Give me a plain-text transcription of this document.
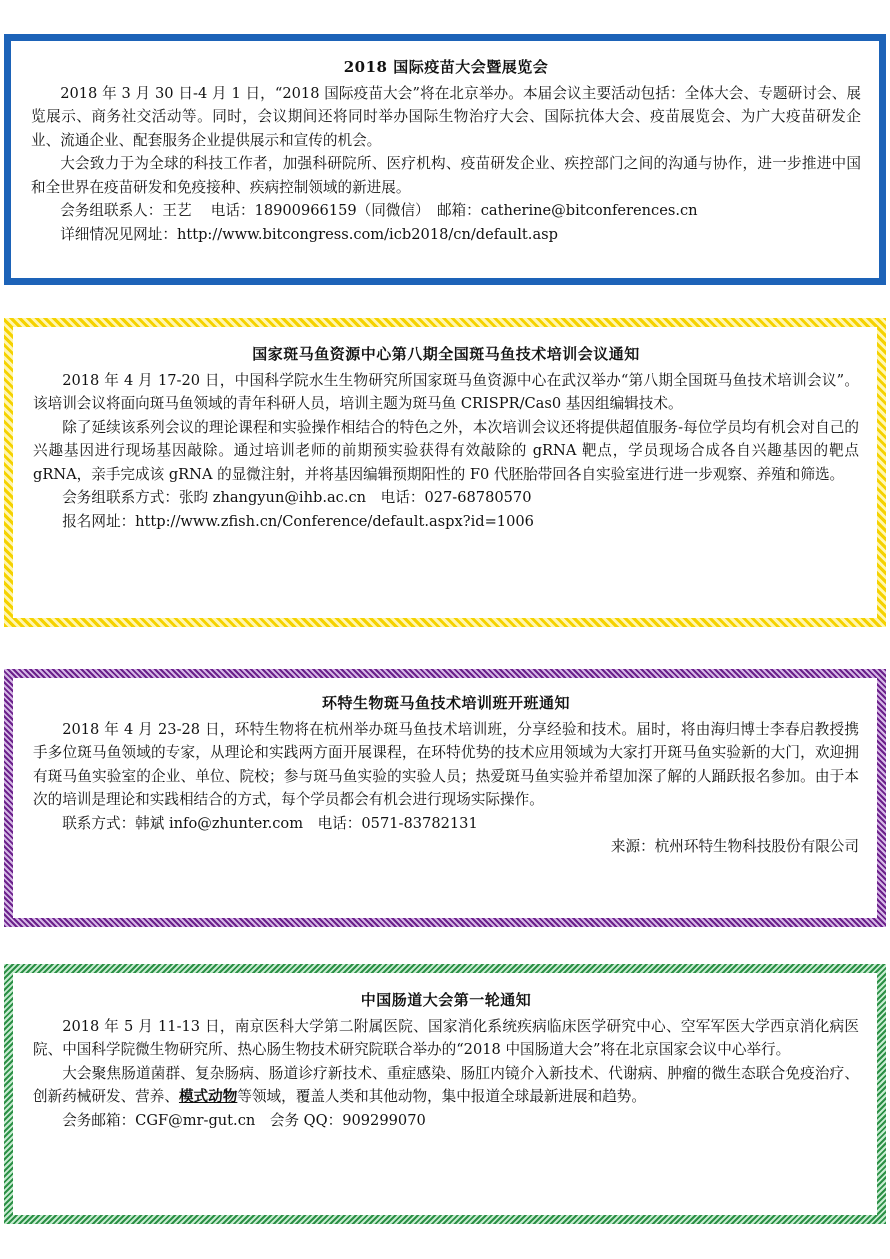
2018 国际疫苗大会暨展览会

2018 年 3 月 30 日-4 月 1 日，“2018 国际疫苗大会”将在北京举办。本届会议主要活动包括：全体大会、专题研讨会、展览展示、商务社交活动等。同时，会议期间还将同时举办国际生物治疗大会、国际抗体大会、疫苗展览会、为广大疫苗研发企业、流通企业、配套服务企业提供展示和宣传的机会。

大会致力于为全球的科技工作者，加强科研院所、医疗机构、疫苗研发企业、疾控部门之间的沟通与协作，进一步推进中国和全世界在疫苗研发和免疫接种、疾病控制领域的新进展。

会务组联系人：王艺　 电话：18900966159（同微信）　邮箱：catherine@bitconferences.cn

详细情况见网址：http://www.bitcongress.com/icb2018/cn/default.asp

国家斑马鱼资源中心第八期全国斑马鱼技术培训会议通知

2018 年 4 月 17-20 日，中国科学院水生生物研究所国家斑马鱼资源中心在武汉举办“第八期全国斑马鱼技术培训会议”。该培训会议将面向斑马鱼领域的青年科研人员，培训主题为斑马鱼 CRISPR/Cas0 基因组编辑技术。

除了延续该系列会议的理论课程和实验操作相结合的特色之外，本次培训会议还将提供超值服务-每位学员均有机会对自己的兴趣基因进行现场基因敲除。通过培训老师的前期预实验获得有效敲除的 gRNA 靶点，学员现场合成各自兴趣基因的靶点 gRNA，亲手完成该 gRNA 的显微注射，并将基因编辑预期阳性的 F0 代胚胎带回各自实验室进行进一步观察、养殖和筛选。

会务组联系方式：张昀 zhangyun@ihb.ac.cn　电话：027-68780570

报名网址：http://www.zfish.cn/Conference/default.aspx?id=1006

环特生物斑马鱼技术培训班开班通知

2018 年 4 月 23-28 日，环特生物将在杭州举办斑马鱼技术培训班，分享经验和技术。届时，将由海归博士李春启教授携手多位斑马鱼领域的专家，从理论和实践两方面开展课程，在环特优势的技术应用领域为大家打开斑马鱼实验新的大门，欢迎拥有斑马鱼实验室的企业、单位、院校；参与斑马鱼实验的实验人员；热爱斑马鱼实验并希望加深了解的人踊跃报名参加。由于本次的培训是理论和实践相结合的方式，每个学员都会有机会进行现场实际操作。

联系方式：韩斌 info@zhunter.com　电话：0571-83782131

来源：杭州环特生物科技股份有限公司

中国肠道大会第一轮通知

2018 年 5 月 11-13 日，南京医科大学第二附属医院、国家消化系统疾病临床医学研究中心、空军军医大学西京消化病医院、中国科学院微生物研究所、热心肠生物技术研究院联合举办的“2018 中国肠道大会”将在北京国家会议中心举行。

大会聚焦肠道菌群、复杂肠病、肠道诊疗新技术、重症感染、肠肛内镜介入新技术、代谢病、肿瘤的微生态联合免疫治疗、创新药械研发、营养、模式动物等领域，覆盖人类和其他动物，集中报道全球最新进展和趋势。

会务邮箱：CGF@mr-gut.cn　会务 QQ：909299070
